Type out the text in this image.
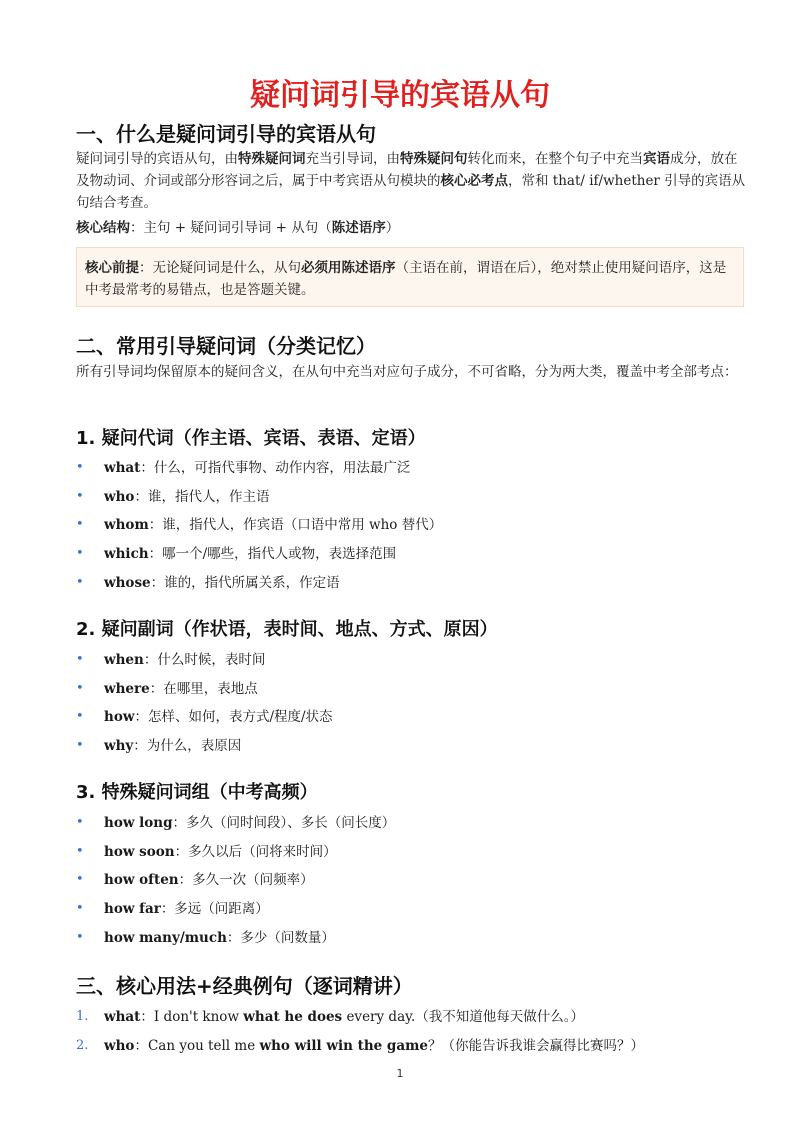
疑问词引导的宾语从句
一、什么是疑问词引导的宾语从句

疑问词引导的宾语从句，由特殊疑问词充当引导词，由特殊疑问句转化而来，在整个句子中充当宾语成分，放在及物动词、介词或部分形容词之后，属于中考宾语从句模块的核心必考点，常和 that/ if/whether 引导的宾语从句结合考查。

核心结构：主句 + 疑问词引导词 + 从句（陈述语序）

核心前提：无论疑问词是什么，从句必须用陈述语序（主语在前，谓语在后），绝对禁止使用疑问语序，这是中考最常考的易错点，也是答题关键。
二、常用引导疑问词（分类记忆）

所有引导词均保留原本的疑问含义，在从句中充当对应句子成分，不可省略，分为两大类，覆盖中考全部考点：

1. 疑问代词（作主语、宾语、表语、定语）
• what：什么，可指代事物、动作内容，用法最广泛
• who：谁，指代人，作主语
• whom：谁，指代人，作宾语（口语中常用 who 替代）
• which：哪一个/哪些，指代人或物，表选择范围
• whose：谁的，指代所属关系，作定语
2. 疑问副词（作状语，表时间、地点、方式、原因）
• when：什么时候，表时间
• where：在哪里，表地点
• how：怎样、如何，表方式/程度/状态
• why：为什么，表原因
3. 特殊疑问词组（中考高频）
• how long：多久（问时间段）、多长（问长度）
• how soon：多久以后（问将来时间）
• how often：多久一次（问频率）
• how far：多远（问距离）
• how many/much：多少（问数量）
三、核心用法+经典例句（逐词精讲）
1. what：I don't know what he does every day.（我不知道他每天做什么。）
2. who：Can you tell me who will win the game？（你能告诉我谁会赢得比赛吗？）
1
